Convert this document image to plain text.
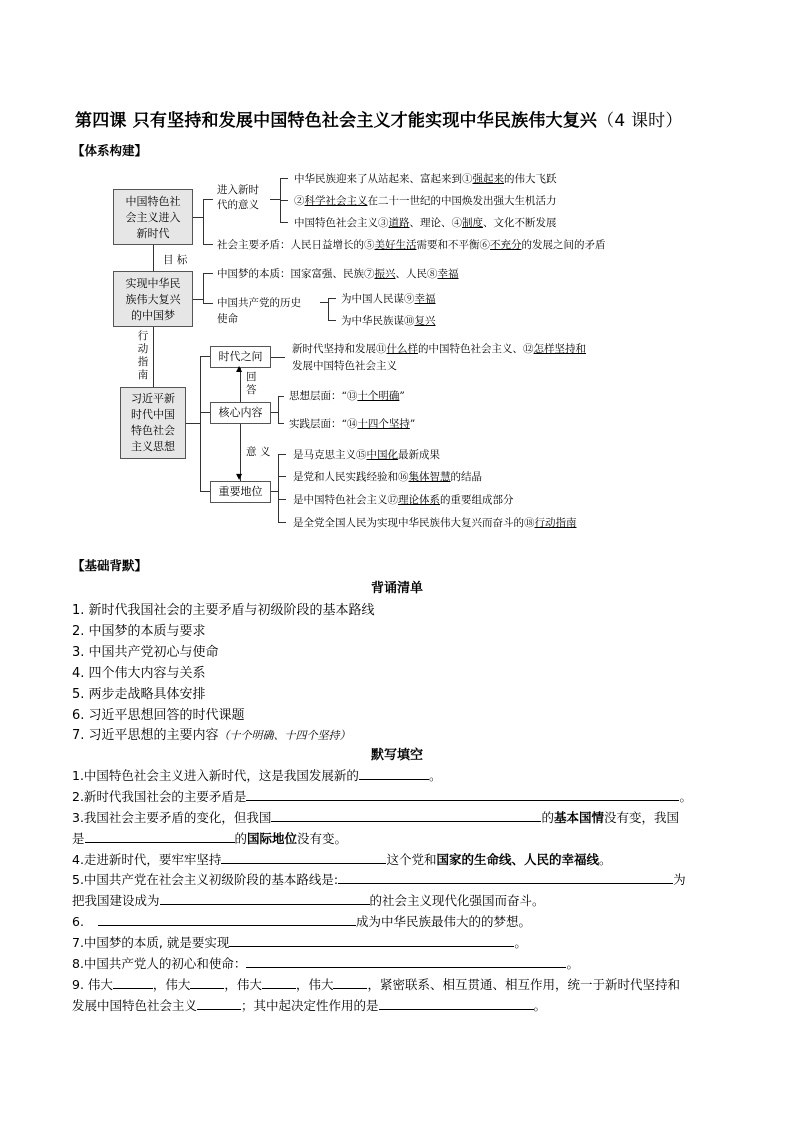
第四课 只有坚持和发展中国特色社会主义才能实现中华民族伟大复兴（4 课时）
【体系构建】
中国特色社
会主义进入
新时代
实现中华民
族伟大复兴
的中国梦
习近平新
时代中国
特色社会
主义思想
目 标
行
动
指
南
进入新时
代的意义
中华民族迎来了从站起来、富起来到①强起来的伟大飞跃
②科学社会主义在二十一世纪的中国焕发出强大生机活力
中国特色社会主义③道路、理论、④制度、文化不断发展
社会主要矛盾：人民日益增长的⑤美好生活需要和不平衡⑥不充分的发展之间的矛盾
中国梦的本质：国家富强、民族⑦振兴、人民⑧幸福
中国共产党的历史
使命
为中国人民谋⑨幸福
为中华民族谋⑩复兴
时代之问
核心内容
重要地位
▲
回
答
▼
意 义
新时代坚持和发展⑪什么样的中国特色社会主义、⑫怎样坚持和
发展中国特色社会主义
思想层面：“⑬十个明确”
实践层面：“⑭十四个坚持”
是马克思主义⑮中国化最新成果
是党和人民实践经验和⑯集体智慧的结晶
是中国特色社会主义⑰理论体系的重要组成部分
是全党全国人民为实现中华民族伟大复兴而奋斗的⑱行动指南
【基础背默】
背诵清单
1. 新时代我国社会的主要矛盾与初级阶段的基本路线
2. 中国梦的本质与要求
3. 中国共产党初心与使命
4. 四个伟大内容与关系
5. 两步走战略具体安排
6. 习近平思想回答的时代课题
7. 习近平思想的主要内容（十个明确、十四个坚持）
默写填空
1.中国特色社会主义进入新时代，这是我国发展新的	。
2.新时代我国社会的主要矛盾是	。
3.我国社会主要矛盾的变化，但我国	的基本国情没有变，我国
是	的国际地位没有变。
4.走进新时代，要牢牢坚持	这个党和国家的生命线、人民的幸福线。
5.中国共产党在社会主义初级阶段的基本路线是:	为
把我国建设成为	的社会主义现代化强国而奋斗。
6.	成为中华民族最伟大的的梦想。
7.中国梦的本质, 就是要实现	。
8.中国共产党人的初心和使命：	。
9. 伟大	，伟大	，伟大	，伟大	，紧密联系、相互贯通、相互作用，统一于新时代坚持和
发展中国特色社会主义	；其中起决定性作用的是	。
